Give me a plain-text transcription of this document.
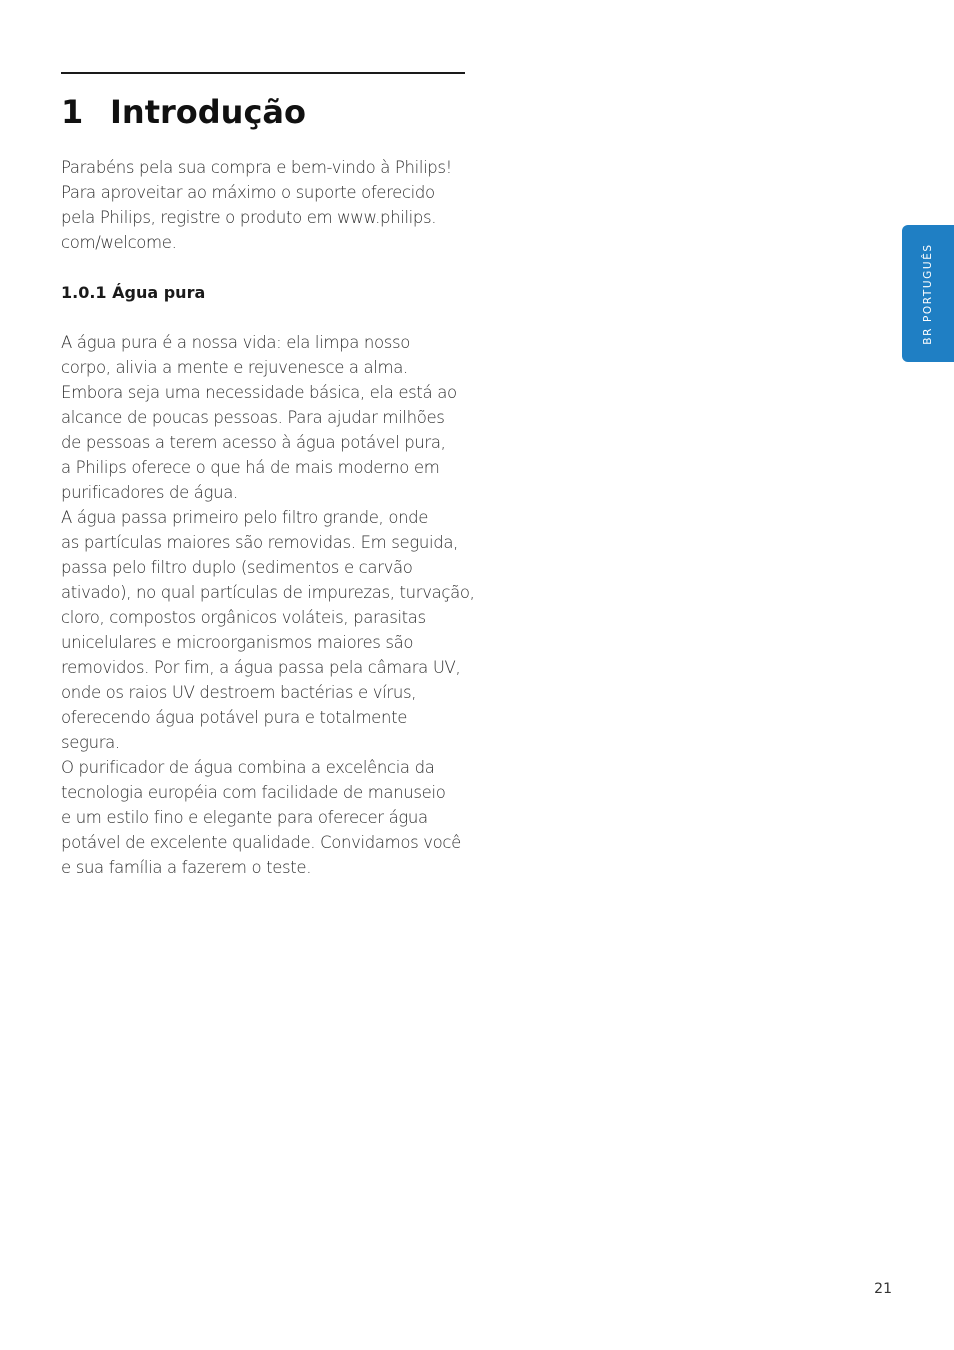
1 Introdução
Parabéns pela sua compra e bem-vindo à Philips!
Para aproveitar ao máximo o suporte oferecido
pela Philips, registre o produto em www.philips.
com/welcome.
1.0.1 Água pura
A água pura é a nossa vida: ela limpa nosso
corpo, alivia a mente e rejuvenesce a alma.
Embora seja uma necessidade básica, ela está ao
alcance de poucas pessoas. Para ajudar milhões
de pessoas a terem acesso à água potável pura,
a Philips oferece o que há de mais moderno em
purificadores de água.
A água passa primeiro pelo filtro grande, onde
as partículas maiores são removidas. Em seguida,
passa pelo filtro duplo (sedimentos e carvão
ativado), no qual partículas de impurezas, turvação,
cloro, compostos orgânicos voláteis, parasitas
unicelulares e microorganismos maiores são
removidos. Por fim, a água passa pela câmara UV,
onde os raios UV destroem bactérias e vírus,
oferecendo água potável pura e totalmente
segura.
O purificador de água combina a excelência da
tecnologia européia com facilidade de manuseio
e um estilo fino e elegante para oferecer água
potável de excelente qualidade. Convidamos você
e sua família a fazerem o teste.
BR PORTUGUÊS
21
